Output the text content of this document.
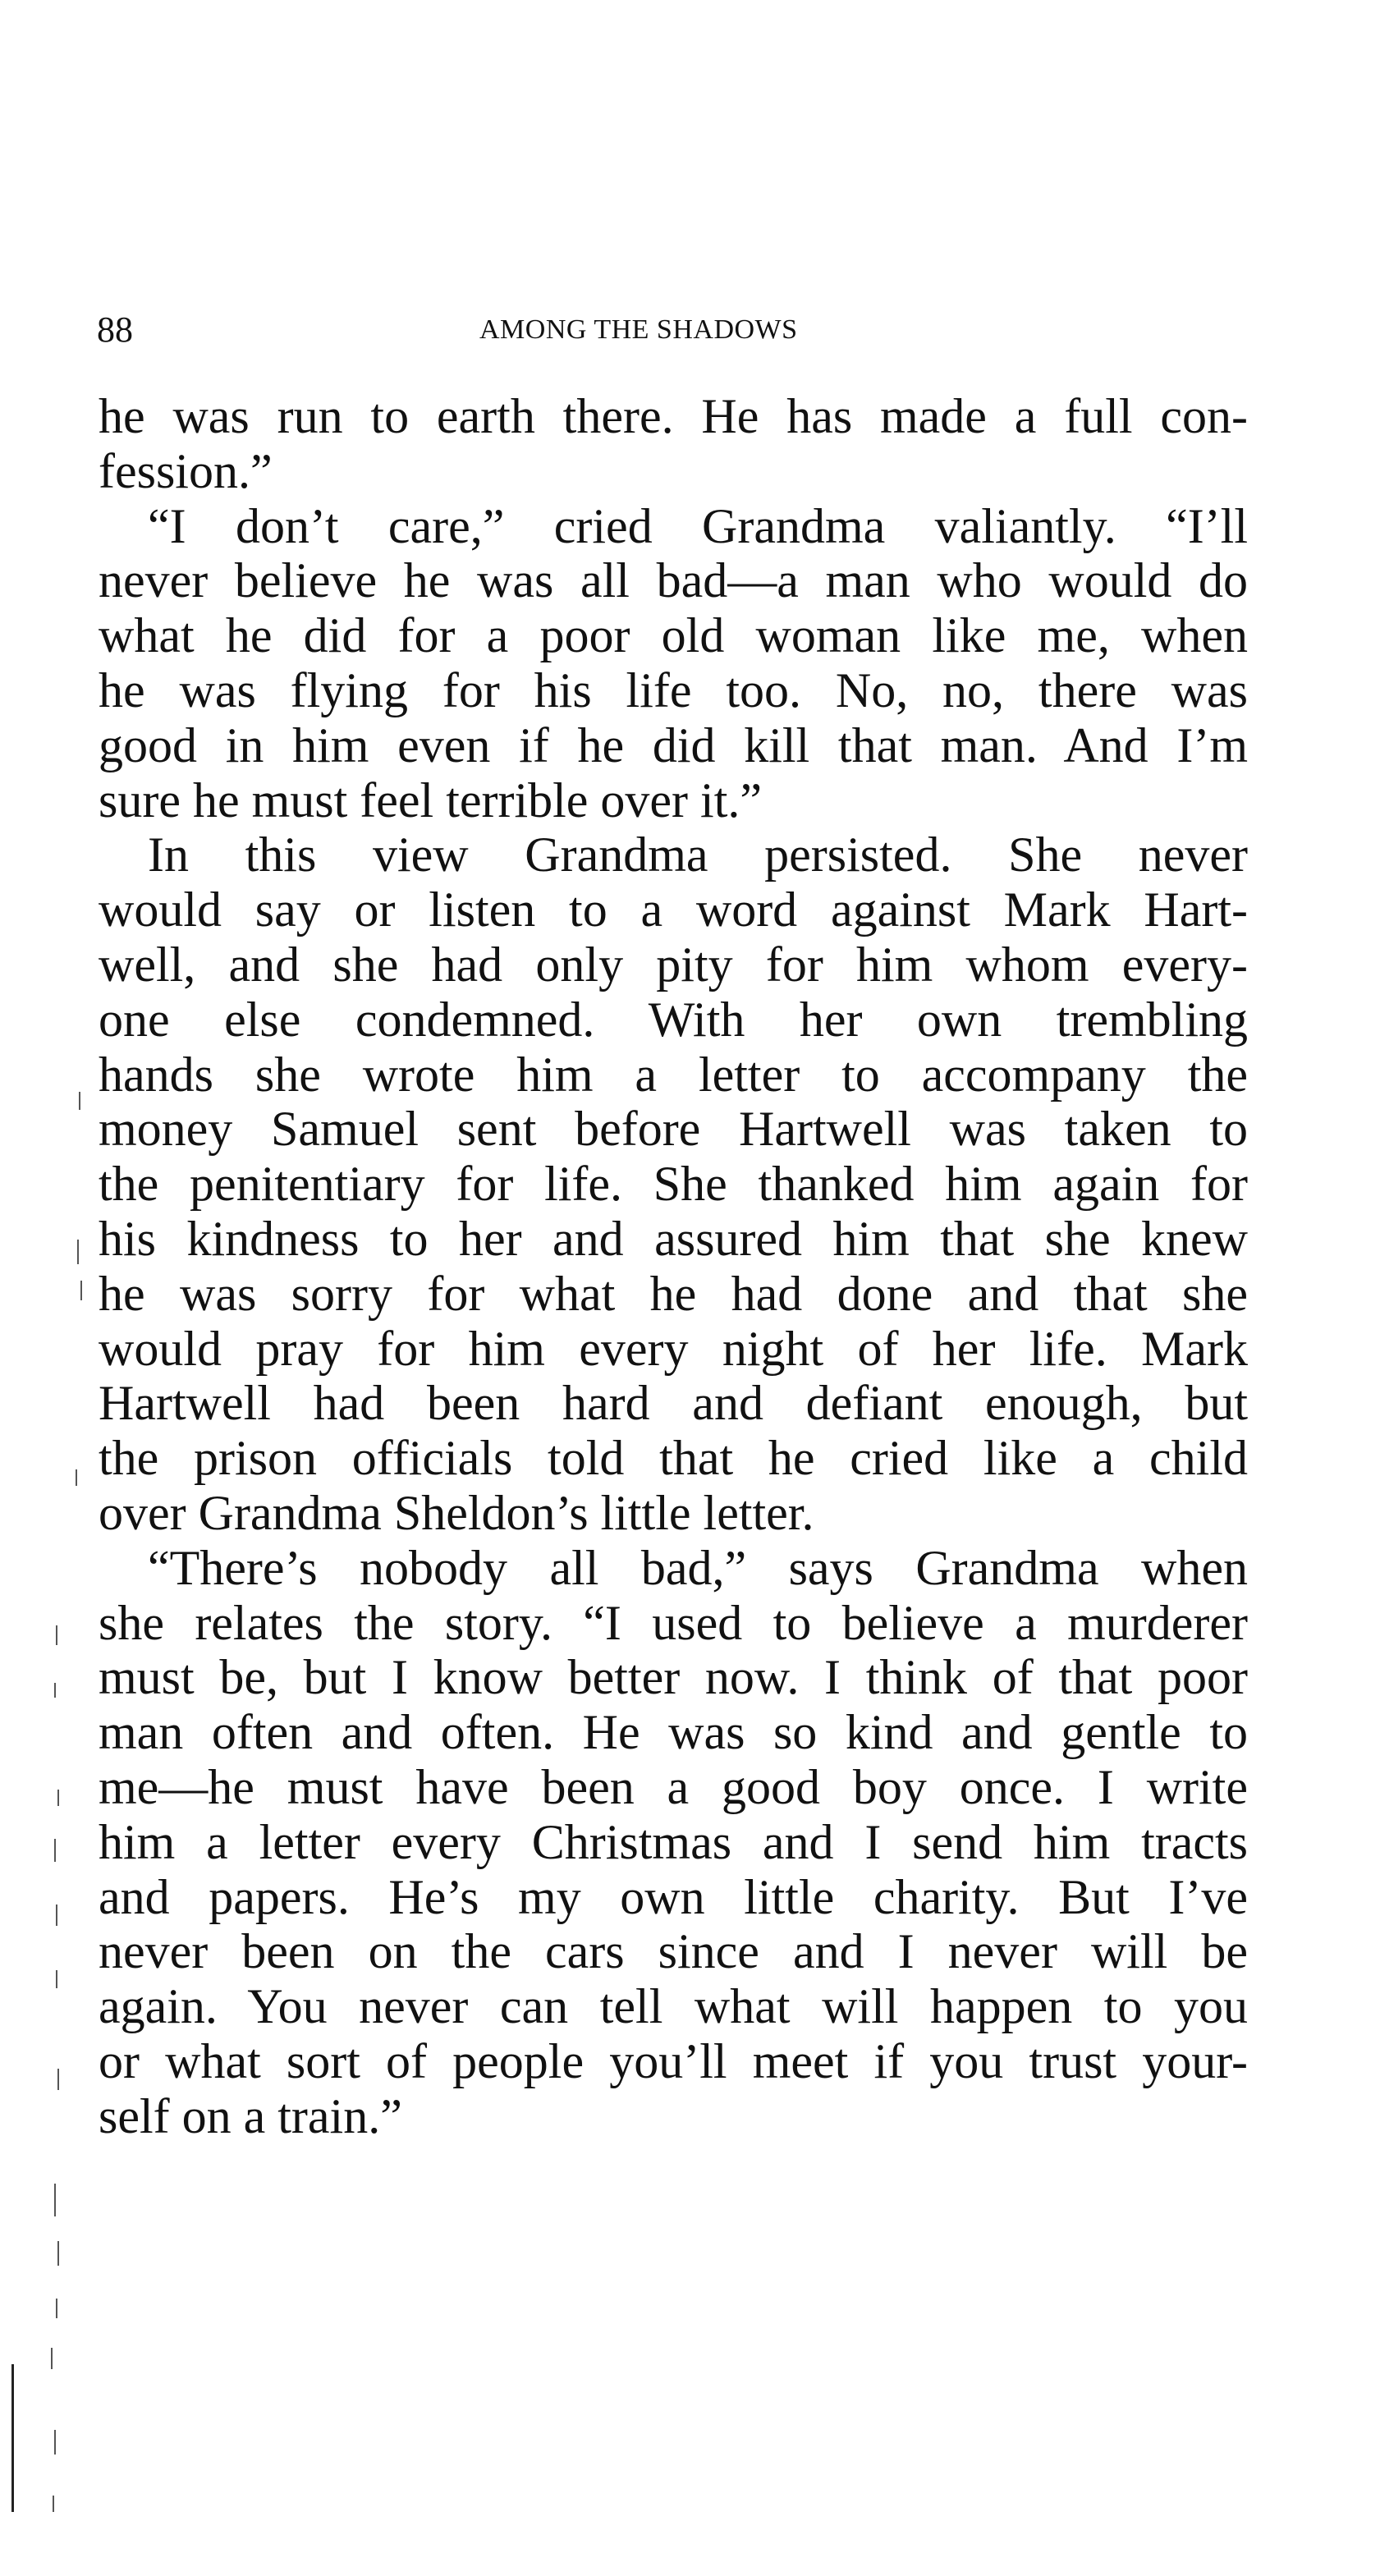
88	AMONG THE SHADOWS
he was run to earth there. He has made a full con-
fession.”
“I don’t care,” cried Grandma valiantly. “I’ll
never believe he was all bad—a man who would do
what he did for a poor old woman like me, when
he was flying for his life too. No, no, there was
good in him even if he did kill that man. And I’m
sure he must feel terrible over it.”
In this view Grandma persisted. She never
would say or listen to a word against Mark Hart-
well, and she had only pity for him whom every-
one else condemned. With her own trembling
hands she wrote him a letter to accompany the
money Samuel sent before Hartwell was taken to
the penitentiary for life. She thanked him again for
his kindness to her and assured him that she knew
he was sorry for what he had done and that she
would pray for him every night of her life. Mark
Hartwell had been hard and defiant enough, but
the prison officials told that he cried like a child
over Grandma Sheldon’s little letter.
“There’s nobody all bad,” says Grandma when
she relates the story. “I used to believe a murderer
must be, but I know better now. I think of that poor
man often and often. He was so kind and gentle to
me—he must have been a good boy once. I write
him a letter every Christmas and I send him tracts
and papers. He’s my own little charity. But I’ve
never been on the cars since and I never will be
again. You never can tell what will happen to you
or what sort of people you’ll meet if you trust your-
self on a train.”
